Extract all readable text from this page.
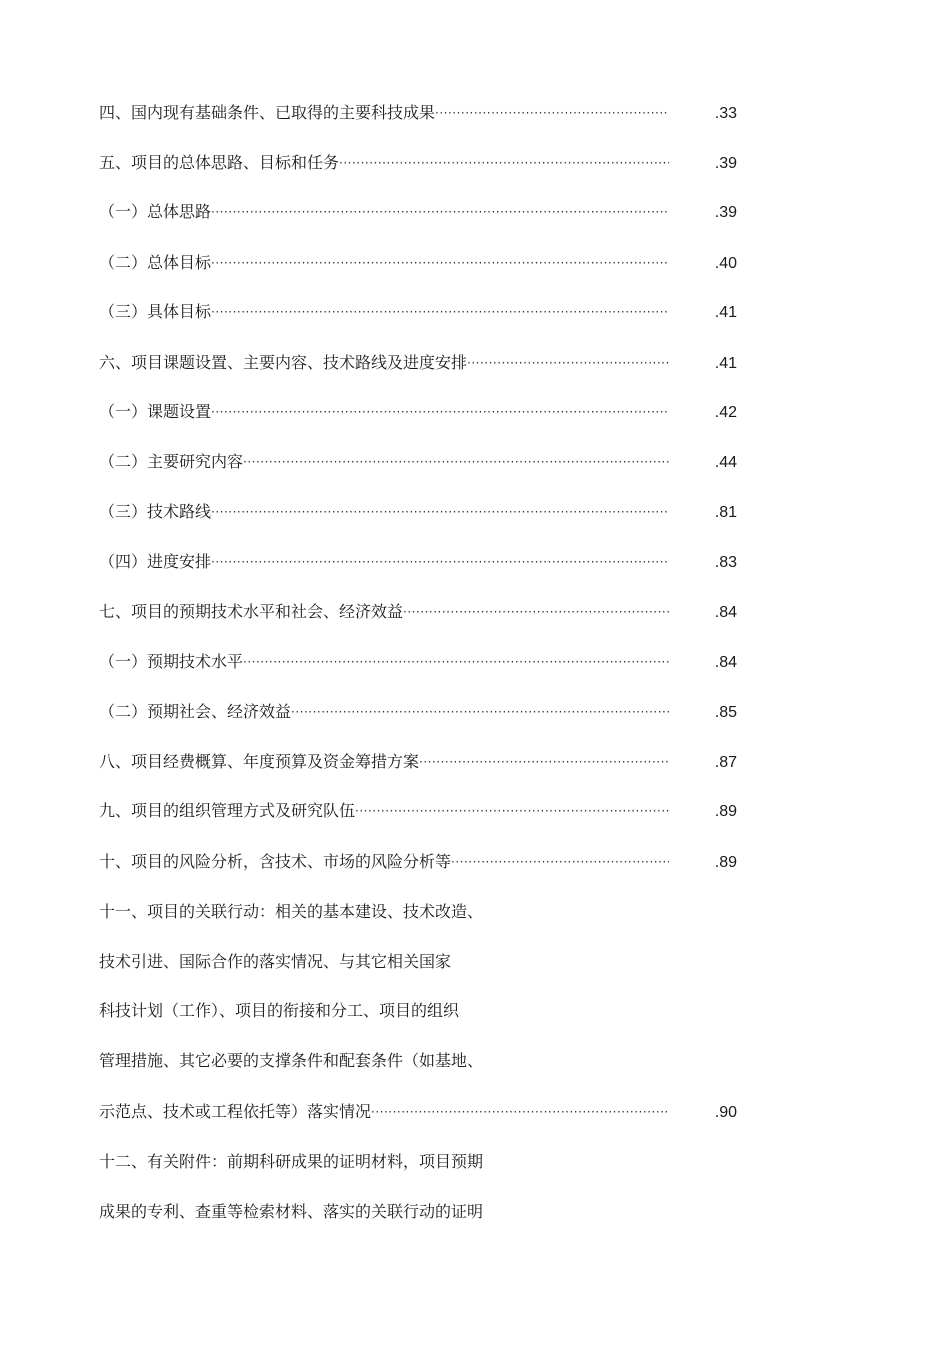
四、国内现有基础条件、已取得的主要科技成果 ·····	.33
五、项目的总体思路、目标和任务 ·····	.39
（一）总体思路 ·····	.39
（二）总体目标 ·····	.40
（三）具体目标 ·····	.41
六、项目课题设置、主要内容、技术路线及进度安排 ·····	.41
（一）课题设置 ·····	.42
（二）主要研究内容 ·····	.44
（三）技术路线 ·····	.81
（四）进度安排 ·····	.83
七、项目的预期技术水平和社会、经济效益 ·····	.84
（一）预期技术水平 ·····	.84
（二）预期社会、经济效益 ·····	.85
八、项目经费概算、年度预算及资金筹措方案 ·····	.87
九、项目的组织管理方式及研究队伍 ·····	.89
十、项目的风险分析，含技术、市场的风险分析等 ·····	.89
十一、项目的关联行动：相关的基本建设、技术改造、
技术引进、国际合作的落实情况、与其它相关国家
科技计划（工作）、项目的衔接和分工、项目的组织
管理措施、其它必要的支撑条件和配套条件（如基地、
示范点、技术或工程依托等）落实情况 ·····	.90
十二、有关附件：前期科研成果的证明材料，项目预期
成果的专利、查重等检索材料、落实的关联行动的证明
